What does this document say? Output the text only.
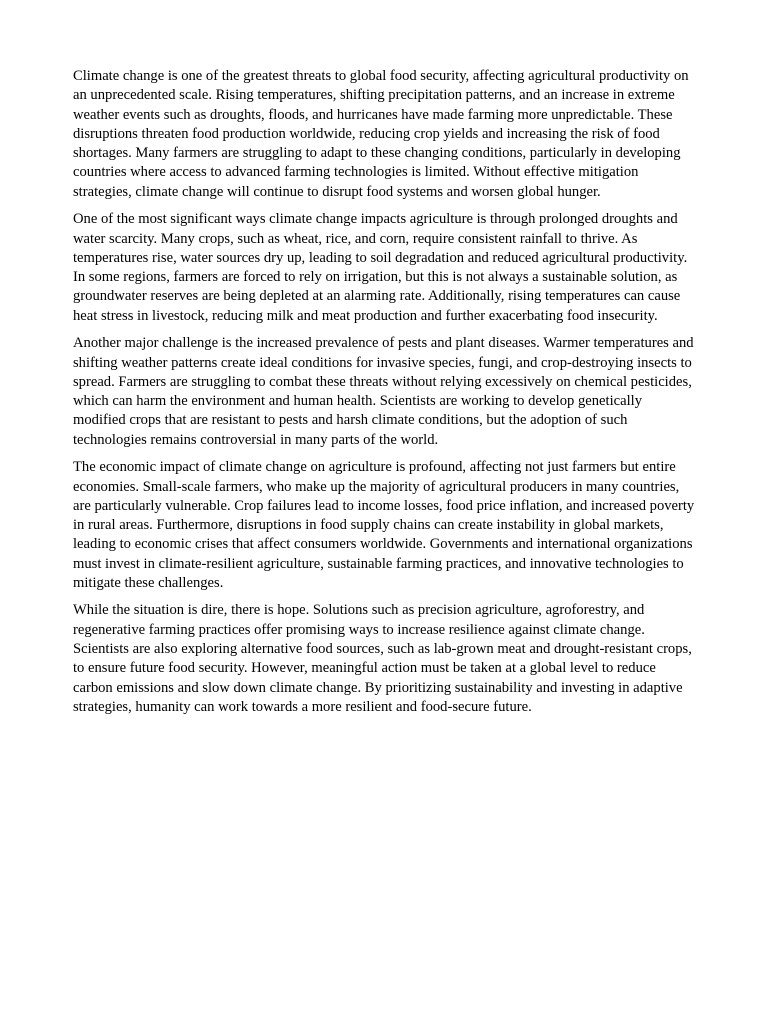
Climate change is one of the greatest threats to global food security, affecting agricultural productivity on an unprecedented scale. Rising temperatures, shifting precipitation patterns, and an increase in extreme weather events such as droughts, floods, and hurricanes have made farming more unpredictable. These disruptions threaten food production worldwide, reducing crop yields and increasing the risk of food shortages. Many farmers are struggling to adapt to these changing conditions, particularly in developing countries where access to advanced farming technologies is limited. Without effective mitigation strategies, climate change will continue to disrupt food systems and worsen global hunger.

One of the most significant ways climate change impacts agriculture is through prolonged droughts and water scarcity. Many crops, such as wheat, rice, and corn, require consistent rainfall to thrive. As temperatures rise, water sources dry up, leading to soil degradation and reduced agricultural productivity. In some regions, farmers are forced to rely on irrigation, but this is not always a sustainable solution, as groundwater reserves are being depleted at an alarming rate. Additionally, rising temperatures can cause heat stress in livestock, reducing milk and meat production and further exacerbating food insecurity.

Another major challenge is the increased prevalence of pests and plant diseases. Warmer temperatures and shifting weather patterns create ideal conditions for invasive species, fungi, and crop-destroying insects to spread. Farmers are struggling to combat these threats without relying excessively on chemical pesticides, which can harm the environment and human health. Scientists are working to develop genetically modified crops that are resistant to pests and harsh climate conditions, but the adoption of such technologies remains controversial in many parts of the world.

The economic impact of climate change on agriculture is profound, affecting not just farmers but entire economies. Small-scale farmers, who make up the majority of agricultural producers in many countries, are particularly vulnerable. Crop failures lead to income losses, food price inflation, and increased poverty in rural areas. Furthermore, disruptions in food supply chains can create instability in global markets, leading to economic crises that affect consumers worldwide. Governments and international organizations must invest in climate-resilient agriculture, sustainable farming practices, and innovative technologies to mitigate these challenges.

While the situation is dire, there is hope. Solutions such as precision agriculture, agroforestry, and regenerative farming practices offer promising ways to increase resilience against climate change. Scientists are also exploring alternative food sources, such as lab-grown meat and drought-resistant crops, to ensure future food security. However, meaningful action must be taken at a global level to reduce carbon emissions and slow down climate change. By prioritizing sustainability and investing in adaptive strategies, humanity can work towards a more resilient and food-secure future.
